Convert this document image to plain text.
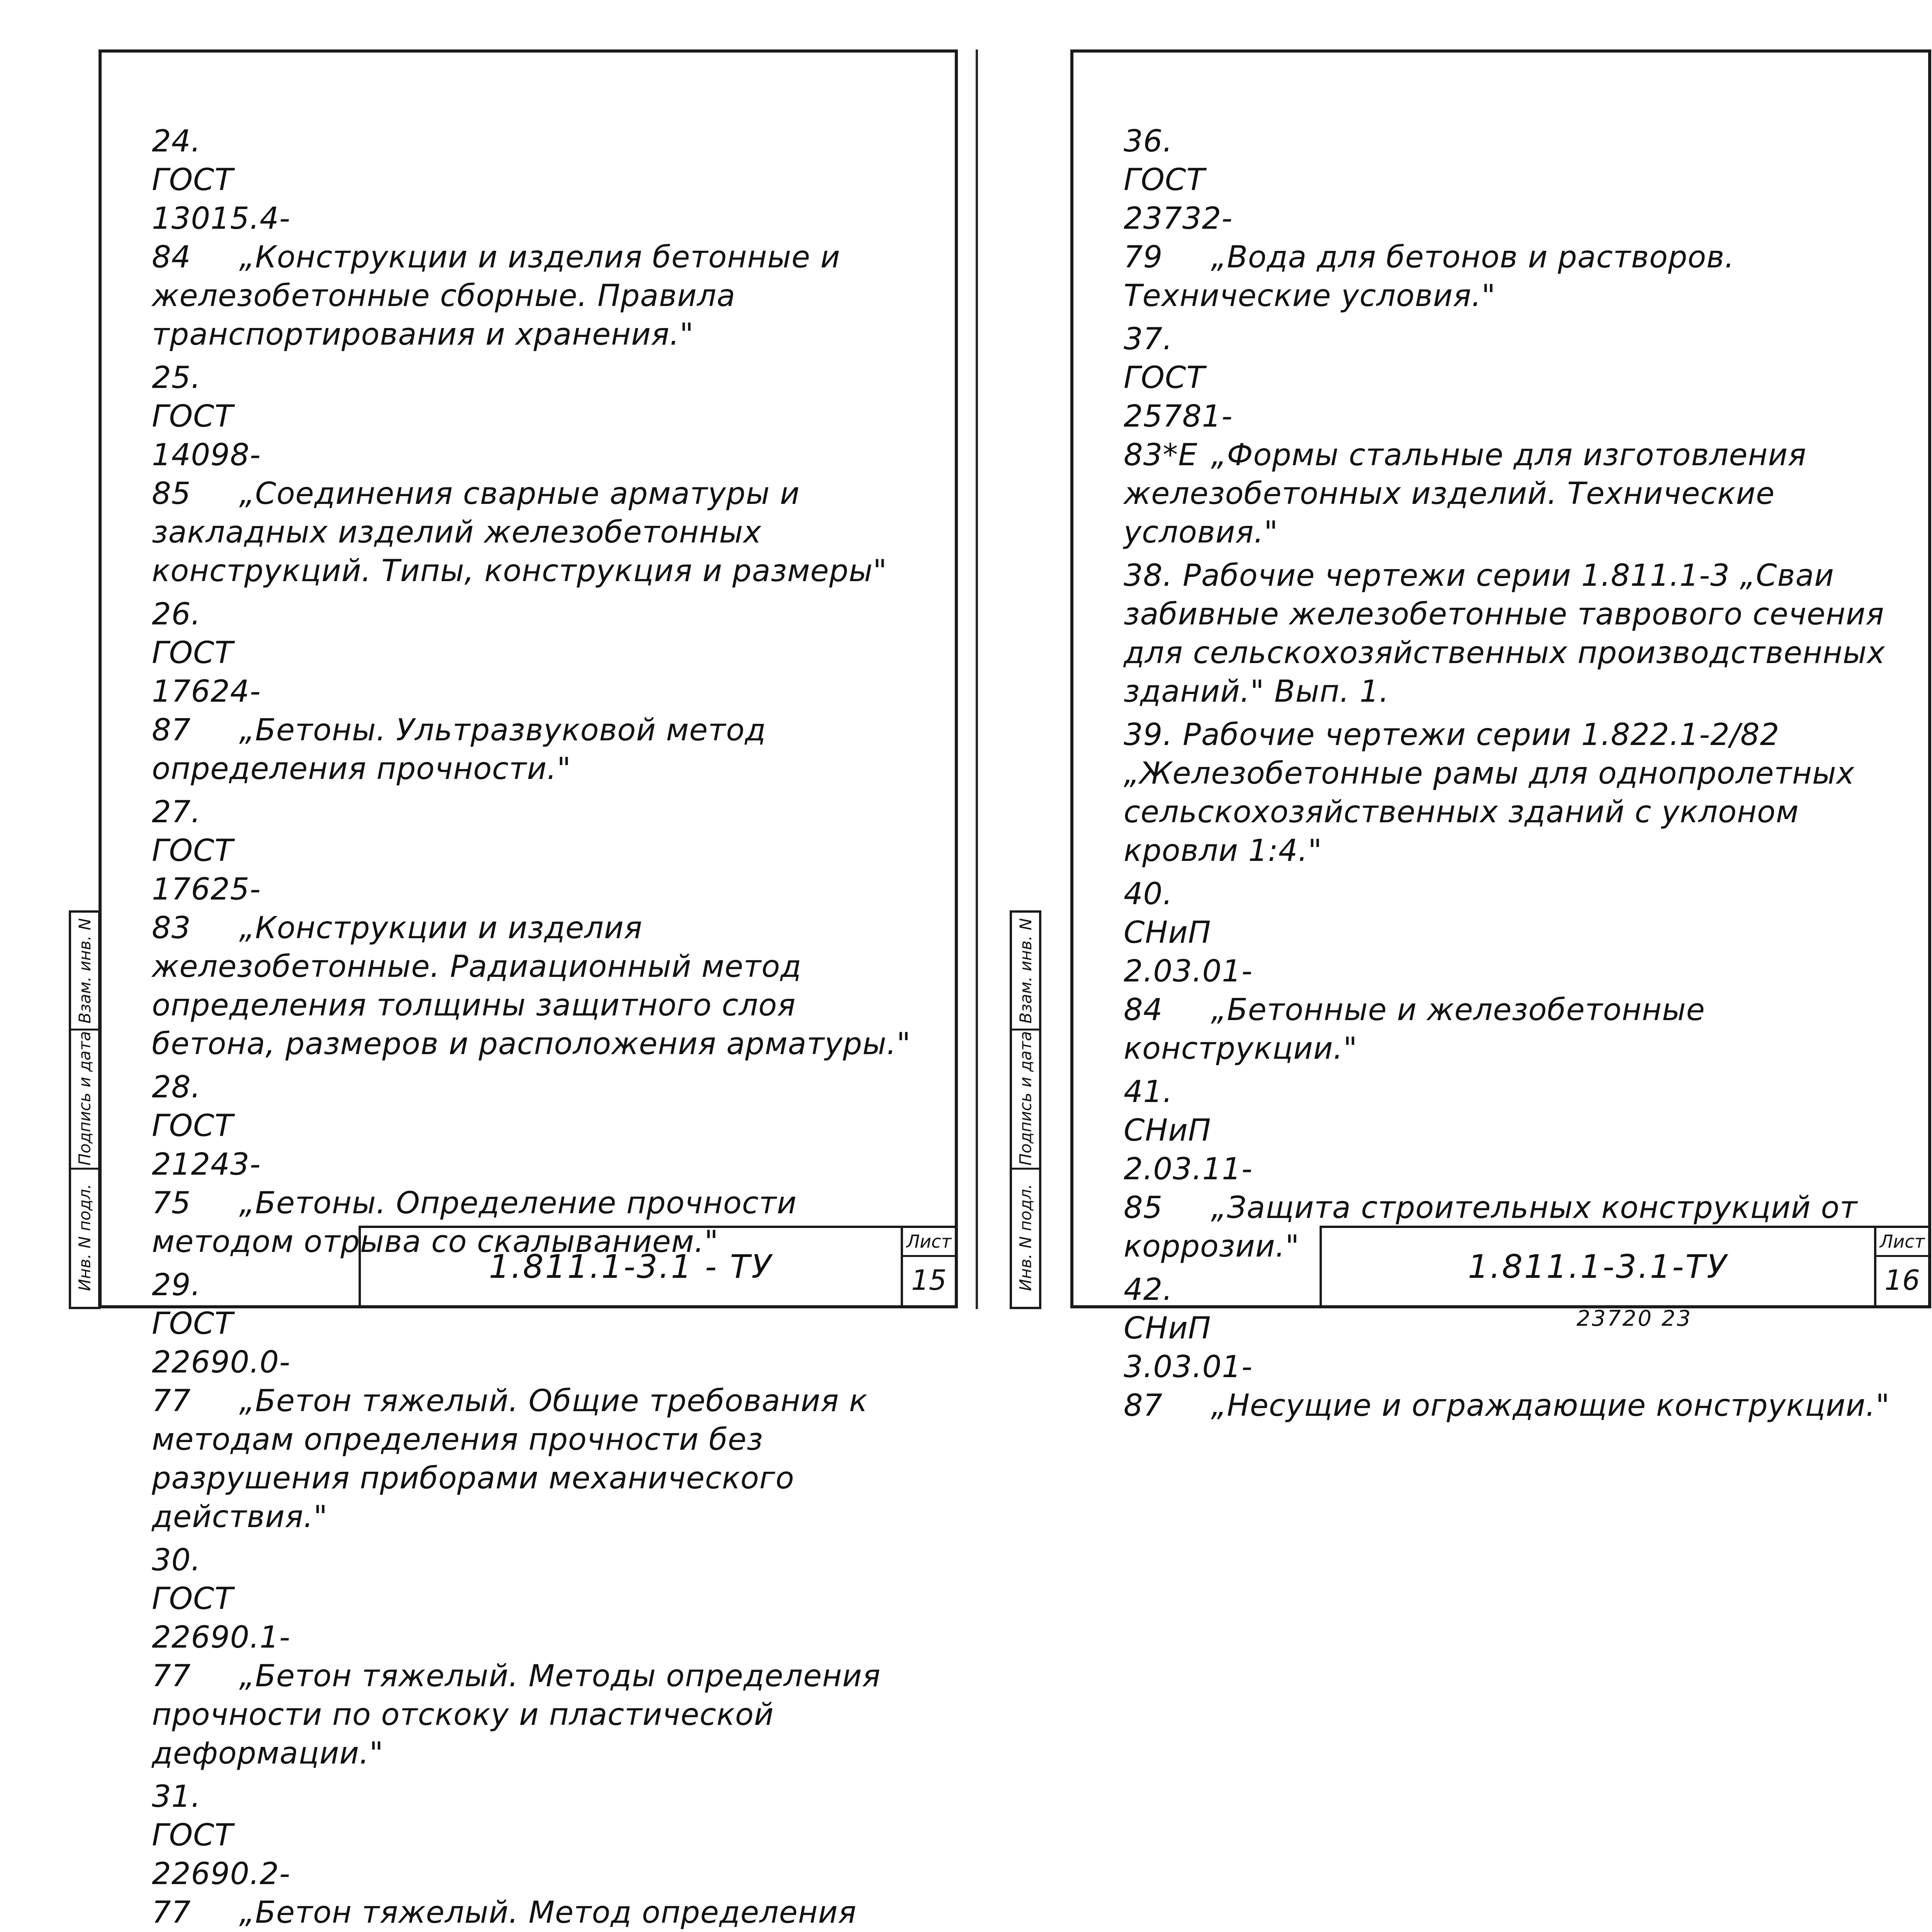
Взам. инв. N
Подпись и дата
Инв. N подл.
Взам. инв. N
Подпись и дата
Инв. N подл.

24. ГОСТ 13015.4-84 „Конструкции и изделия бетонные и железобетонные сборные. Правила транспортирования и хранения."

25. ГОСТ 14098-85 „Соединения сварные арматуры и закладных изделий железобетонных конструкций. Типы, конструкция и размеры"

26. ГОСТ 17624-87 „Бетоны. Ультразвуковой метод определения прочности."

27. ГОСТ 17625-83 „Конструкции и изделия железобетонные. Радиационный метод определения толщины защитного слоя бетона, размеров и расположения арматуры."

28. ГОСТ 21243-75 „Бетоны. Определение прочности методом отрыва со скалыванием."

29. ГОСТ 22690.0-77 „Бетон тяжелый. Общие требования к методам определения прочности без разрушения приборами механического действия."

30. ГОСТ 22690.1-77 „Бетон тяжелый. Методы определения прочности по отскоку и пластической деформации."

31. ГОСТ 22690.2-77 „Бетон тяжелый. Метод определения

1.811.1-3.1 - ТУ
Лист
15

36. ГОСТ 23732-79 „Вода для бетонов и растворов. Технические условия."

37. ГОСТ 25781-83*Е „Формы стальные для изготовления железобетонных изделий. Технические условия."

38. Рабочие чертежи серии 1.811.1-3 „Сваи забивные железобетонные таврового сечения для сельскохозяйственных производственных зданий." Вып. 1.

39. Рабочие чертежи серии 1.822.1-2/82 „Железобетонные рамы для однопролетных сельскохозяйственных зданий с уклоном кровли 1:4."

40. СНиП 2.03.01-84 „Бетонные и железобетонные конструкции."

41. СНиП 2.03.11-85 „Защита строительных конструкций от коррозии."

42. СНиП 3.03.01-87 „Несущие и ограждающие конструкции."

1.811.1-3.1-ТУ
Лист
16
23720 23
